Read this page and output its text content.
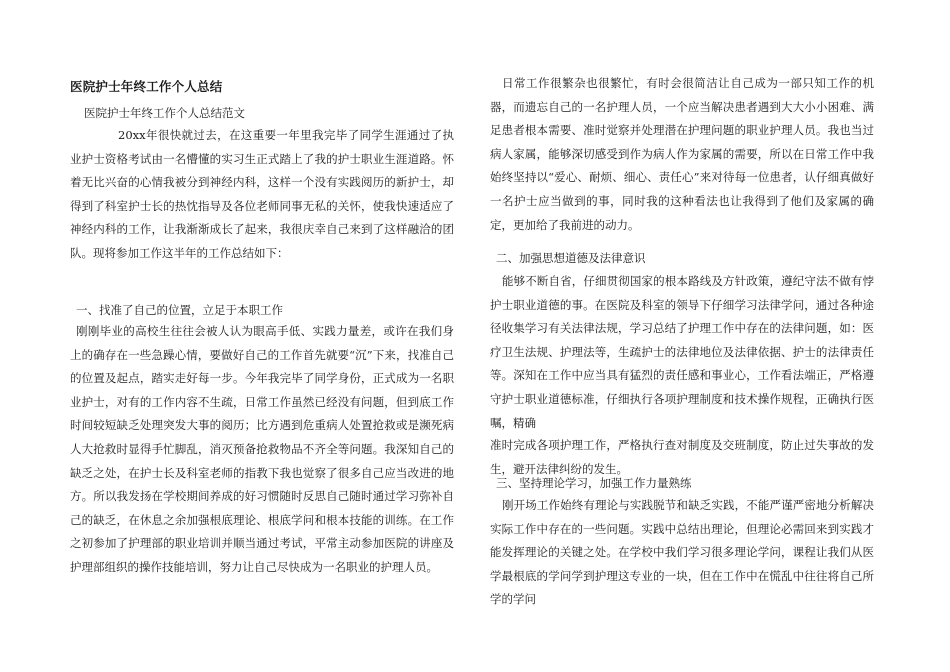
医院护士年终工作个人总结
医院护士年终工作个人总结范文

20xx年很快就过去，在这重要一年里我完毕了同学生涯通过了执业护士资格考试由一名懵懂的实习生正式踏上了我的护士职业生涯道路。怀着无比兴奋的心情我被分到神经内科，这样一个没有实践阅历的新护士，却得到了科室护士长的热忱指导及各位老师同事无私的关怀，使我快速适应了神经内科的工作，让我渐渐成长了起来，我很庆幸自己来到了这样融洽的团队。现将参加工作这半年的工作总结如下：

一、找准了自己的位置，立足于本职工作

刚刚毕业的高校生往往会被人认为眼高手低、实践力量差，或许在我们身上的确存在一些急躁心情，要做好自己的工作首先就要“沉”下来，找准自己的位置及起点，踏实走好每一步。今年我完毕了同学身份，正式成为一名职业护士，对有的工作内容不生疏，日常工作虽然已经没有问题，但到底工作时间较短缺乏处理突发大事的阅历；比方遇到危重病人处置抢救或是濒死病人大抢救时显得手忙脚乱，消灭预备抢救物品不齐全等问题。我深知自己的缺乏之处，在护士长及科室老师的指教下我也觉察了很多自己应当改进的地方。所以我发扬在学校期间养成的好习惯随时反思自己随时通过学习弥补自己的缺乏，在休息之余加强根底理论、根底学问和根本技能的训练。在工作之初参加了护理部的职业培训并顺当通过考试，平常主动参加医院的讲座及护理部组织的操作技能培训，努力让自己尽快成为一名职业的护理人员。

日常工作很繁杂也很繁忙，有时会很简洁让自己成为一部只知工作的机器，而遗忘自己的一名护理人员，一个应当解决患者遇到大大小小困难、满足患者根本需要、准时觉察并处理潜在护理问题的职业护理人员。我也当过病人家属，能够深切感受到作为病人作为家属的需要，所以在日常工作中我始终坚持以“爱心、耐烦、细心、责任心”来对待每一位患者，认仔细真做好一名护士应当做到的事，同时我的这种看法也让我得到了他们及家属的确定，更加给了我前进的动力。

二、加强思想道德及法律意识

能够不断自省，仔细贯彻国家的根本路线及方针政策，遵纪守法不做有悖护士职业道德的事。在医院及科室的领导下仔细学习法律学问，通过各种途径收集学习有关法律法规，学习总结了护理工作中存在的法律问题，如：医疗卫生法规、护理法等，生疏护士的法律地位及法律依据、护士的法律责任等。深知在工作中应当具有猛烈的责任感和事业心，工作看法端正，严格遵守护士职业道德标准，仔细执行各项护理制度和技术操作规程，正确执行医嘱，精确

准时完成各项护理工作，严格执行查对制度及交班制度，防止过失事故的发生，避开法律纠纷的发生。

三、坚持理论学习，加强工作力量熟练

刚开场工作始终有理论与实践脱节和缺乏实践，不能严谨严密地分析解决实际工作中存在的一些问题。实践中总结出理论，但理论必需回来到实践才能发挥理论的关键之处。在学校中我们学习很多理论学问，课程让我们从医学最根底的学问学到护理这专业的一块，但在工作中在慌乱中往往将自己所学的学问
